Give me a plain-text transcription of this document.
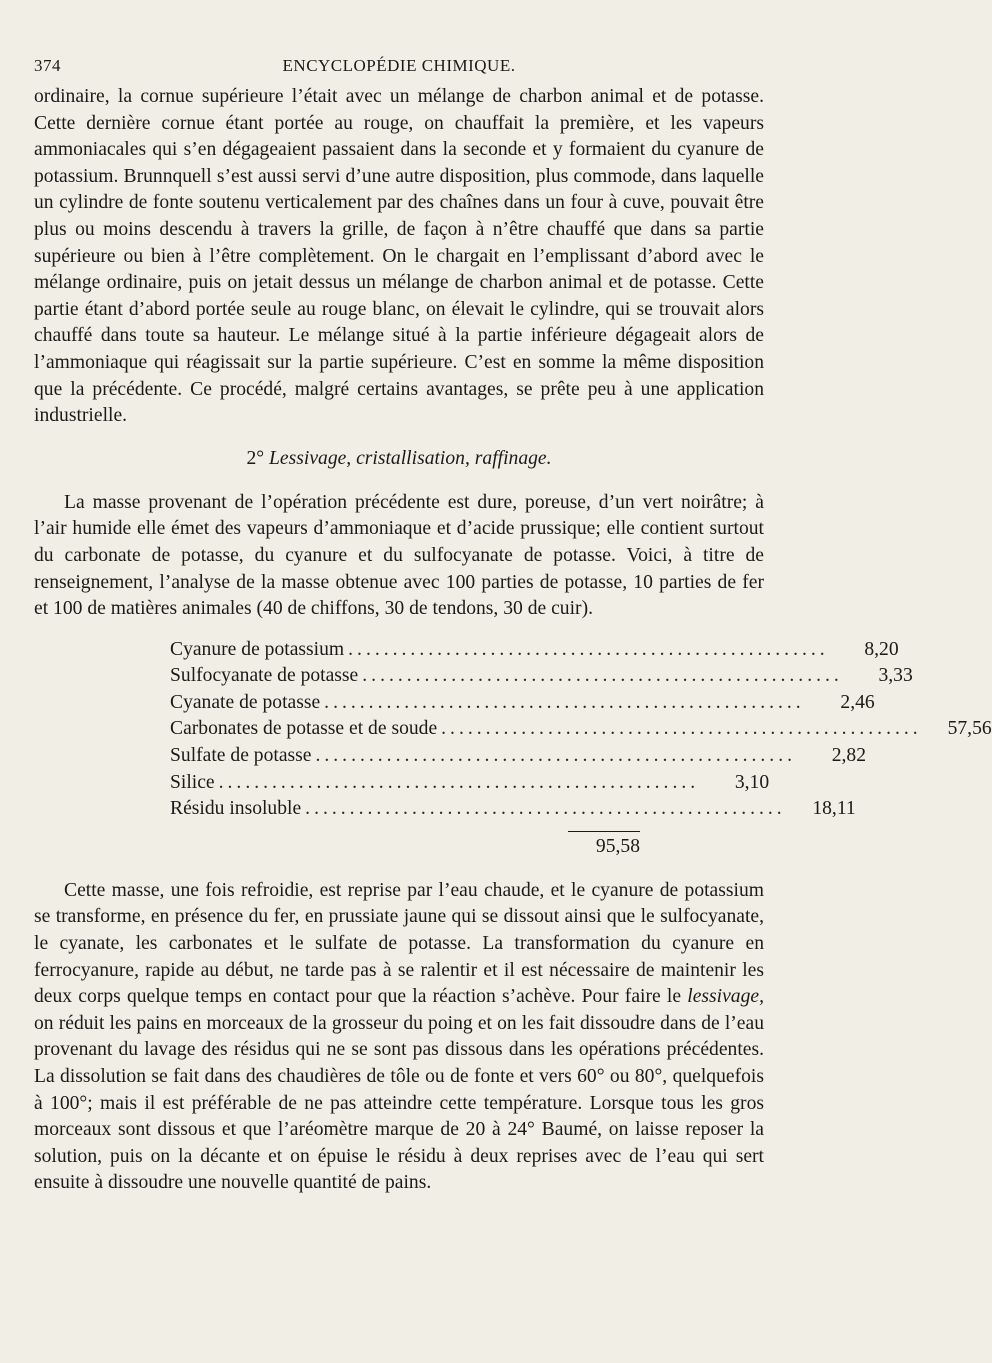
374	ENCYCLOPÉDIE CHIMIQUE.

ordinaire, la cornue supérieure l’était avec un mélange de charbon animal et de potasse. Cette dernière cornue étant portée au rouge, on chauffait la première, et les vapeurs ammoniacales qui s’en dégageaient passaient dans la seconde et y formaient du cyanure de potassium. Brunnquell s’est aussi servi d’une autre disposition, plus commode, dans laquelle un cylindre de fonte soutenu verticalement par des chaînes dans un four à cuve, pouvait être plus ou moins descendu à travers la grille, de façon à n’être chauffé que dans sa partie supérieure ou bien à l’être complètement. On le chargait en l’emplissant d’abord avec le mélange ordinaire, puis on jetait dessus un mélange de charbon animal et de potasse. Cette partie étant d’abord portée seule au rouge blanc, on élevait le cylindre, qui se trouvait alors chauffé dans toute sa hauteur. Le mélange situé à la partie inférieure dégageait alors de l’ammoniaque qui réagissait sur la partie supérieure. C’est en somme la même disposition que la précédente. Ce procédé, malgré certains avantages, se prête peu à une application industrielle.

2° Lessivage, cristallisation, raffinage.

La masse provenant de l’opération précédente est dure, poreuse, d’un vert noirâtre; à l’air humide elle émet des vapeurs d’ammoniaque et d’acide prussique; elle contient surtout du carbonate de potasse, du cyanure et du sulfocyanate de potasse. Voici, à titre de renseignement, l’analyse de la masse obtenue avec 100 parties de potasse, 10 parties de fer et 100 de matières animales (40 de chiffons, 30 de tendons, 30 de cuir).

Cyanure de potassium ......................................................	8,20
Sulfocyanate de potasse ......................................................	3,33
Cyanate de potasse ......................................................	2,46
Carbonates de potasse et de soude ......................................................	57,56
Sulfate de potasse ......................................................	2,82
Silice ......................................................	3,10
Résidu insoluble ......................................................	18,11
95,58

Cette masse, une fois refroidie, est reprise par l’eau chaude, et le cyanure de potassium se transforme, en présence du fer, en prussiate jaune qui se dissout ainsi que le sulfocyanate, le cyanate, les carbonates et le sulfate de potasse. La transformation du cyanure en ferrocyanure, rapide au début, ne tarde pas à se ralentir et il est nécessaire de maintenir les deux corps quelque temps en contact pour que la réaction s’achève. Pour faire le lessivage, on réduit les pains en morceaux de la grosseur du poing et on les fait dissoudre dans de l’eau provenant du lavage des résidus qui ne se sont pas dissous dans les opérations précédentes. La dissolution se fait dans des chaudières de tôle ou de fonte et vers 60° ou 80°, quelquefois à 100°; mais il est préférable de ne pas atteindre cette température. Lorsque tous les gros morceaux sont dissous et que l’aréomètre marque de 20 à 24° Baumé, on laisse reposer la solution, puis on la décante et on épuise le résidu à deux reprises avec de l’eau qui sert ensuite à dissoudre une nouvelle quantité de pains.
